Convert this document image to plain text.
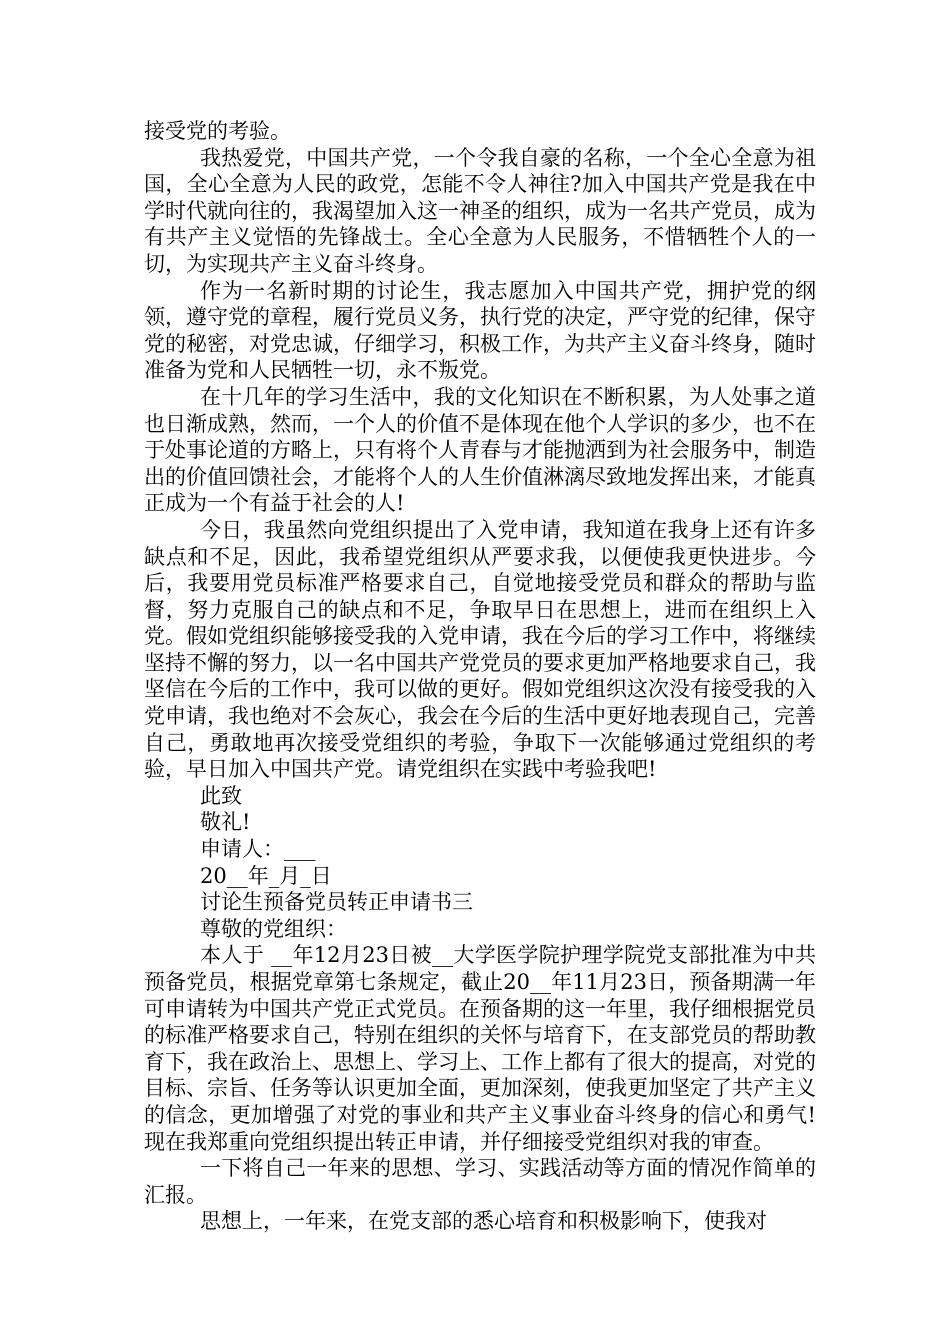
接受党的考验。

我热爱党，中国共产党，一个令我自豪的名称，一个全心全意为祖国，全心全意为人民的政党，怎能不令人神往?加入中国共产党是我在中学时代就向往的，我渴望加入这一神圣的组织，成为一名共产党员，成为有共产主义觉悟的先锋战士。全心全意为人民服务，不惜牺牲个人的一切，为实现共产主义奋斗终身。

作为一名新时期的讨论生，我志愿加入中国共产党，拥护党的纲领，遵守党的章程，履行党员义务，执行党的决定，严守党的纪律，保守党的秘密，对党忠诚，仔细学习，积极工作，为共产主义奋斗终身，随时准备为党和人民牺牲一切，永不叛党。

在十几年的学习生活中，我的文化知识在不断积累，为人处事之道也日渐成熟，然而，一个人的价值不是体现在他个人学识的多少，也不在于处事论道的方略上，只有将个人青春与才能抛洒到为社会服务中，制造出的价值回馈社会，才能将个人的人生价值淋漓尽致地发挥出来，才能真正成为一个有益于社会的人!

今日，我虽然向党组织提出了入党申请，我知道在我身上还有许多缺点和不足，因此，我希望党组织从严要求我，以便使我更快进步。今后，我要用党员标准严格要求自己，自觉地接受党员和群众的帮助与监督，努力克服自己的缺点和不足，争取早日在思想上，进而在组织上入党。假如党组织能够接受我的入党申请，我在今后的学习工作中，将继续坚持不懈的努力，以一名中国共产党党员的要求更加严格地要求自己，我坚信在今后的工作中，我可以做的更好。假如党组织这次没有接受我的入党申请，我也绝对不会灰心，我会在今后的生活中更好地表现自己，完善自己，勇敢地再次接受党组织的考验，争取下一次能够通过党组织的考验，早日加入中国共产党。请党组织在实践中考验我吧!

此致

敬礼!

申请人：___

20__年_月_日

讨论生预备党员转正申请书三

尊敬的党组织：

本人于 __年12月23日被__大学医学院护理学院党支部批准为中共预备党员，根据党章第七条规定，截止20__年11月23日，预备期满一年可申请转为中国共产党正式党员。在预备期的这一年里，我仔细根据党员的标准严格要求自己，特别在组织的关怀与培育下，在支部党员的帮助教育下，我在政治上、思想上、学习上、工作上都有了很大的提高，对党的目标、宗旨、任务等认识更加全面，更加深刻，使我更加坚定了共产主义的信念，更加增强了对党的事业和共产主义事业奋斗终身的信心和勇气!现在我郑重向党组织提出转正申请，并仔细接受党组织对我的审查。

一下将自己一年来的思想、学习、实践活动等方面的情况作简单的汇报。

思想上，一年来，在党支部的悉心培育和积极影响下，使我对
